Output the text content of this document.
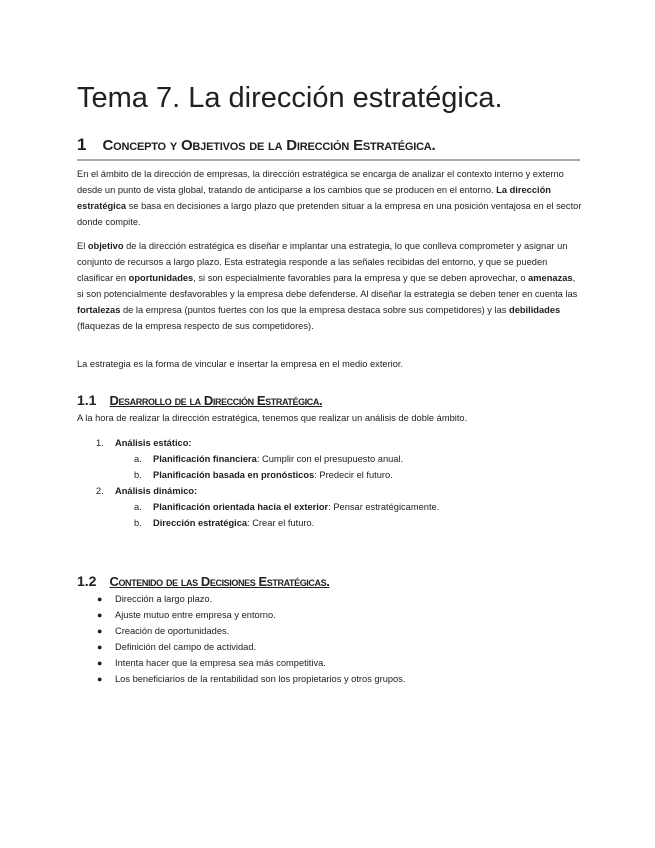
Tema 7. La dirección estratégica.
1 Concepto y Objetivos de la Dirección Estratégica.

En el ámbito de la dirección de empresas, la dirección estratégica se encarga de analizar el contexto interno y externo desde un punto de vista global, tratando de anticiparse a los cambios que se producen en el entorno. La dirección estratégica se basa en decisiones a largo plazo que pretenden situar a la empresa en una posición ventajosa en el sector donde compite.

El objetivo de la dirección estratégica es diseñar e implantar una estrategia, lo que conlleva comprometer y asignar un conjunto de recursos a largo plazo. Esta estrategia responde a las señales recibidas del entorno, y que se pueden clasificar en oportunidades, si son especialmente favorables para la empresa y que se deben aprovechar, o amenazas, si son potencialmente desfavorables y la empresa debe defenderse. Al diseñar la estrategia se deben tener en cuenta las fortalezas de la empresa (puntos fuertes con los que la empresa destaca sobre sus competidores) y las debilidades (flaquezas de la empresa respecto de sus competidores).

La estrategia es la forma de vincular e insertar la empresa en el medio exterior.

1.1 Desarrollo de la Dirección Estratégica.

A la hora de realizar la dirección estratégica, tenemos que realizar un análisis de doble ámbito.

1. Análisis estático:
a. Planificación financiera: Cumplir con el presupuesto anual.
b. Planificación basada en pronósticos: Predecir el futuro.
2. Análisis dinámico:
a. Planificación orientada hacia el exterior: Pensar estratégicamente.
b. Dirección estratégica: Crear el futuro.
1.2 Contenido de las Decisiones Estratégicas.
● Dirección a largo plazo.
● Ajuste mutuo entre empresa y entorno.
● Creación de oportunidades.
● Definición del campo de actividad.
● Intenta hacer que la empresa sea más competitiva.
● Los beneficiarios de la rentabilidad son los propietarios y otros grupos.
